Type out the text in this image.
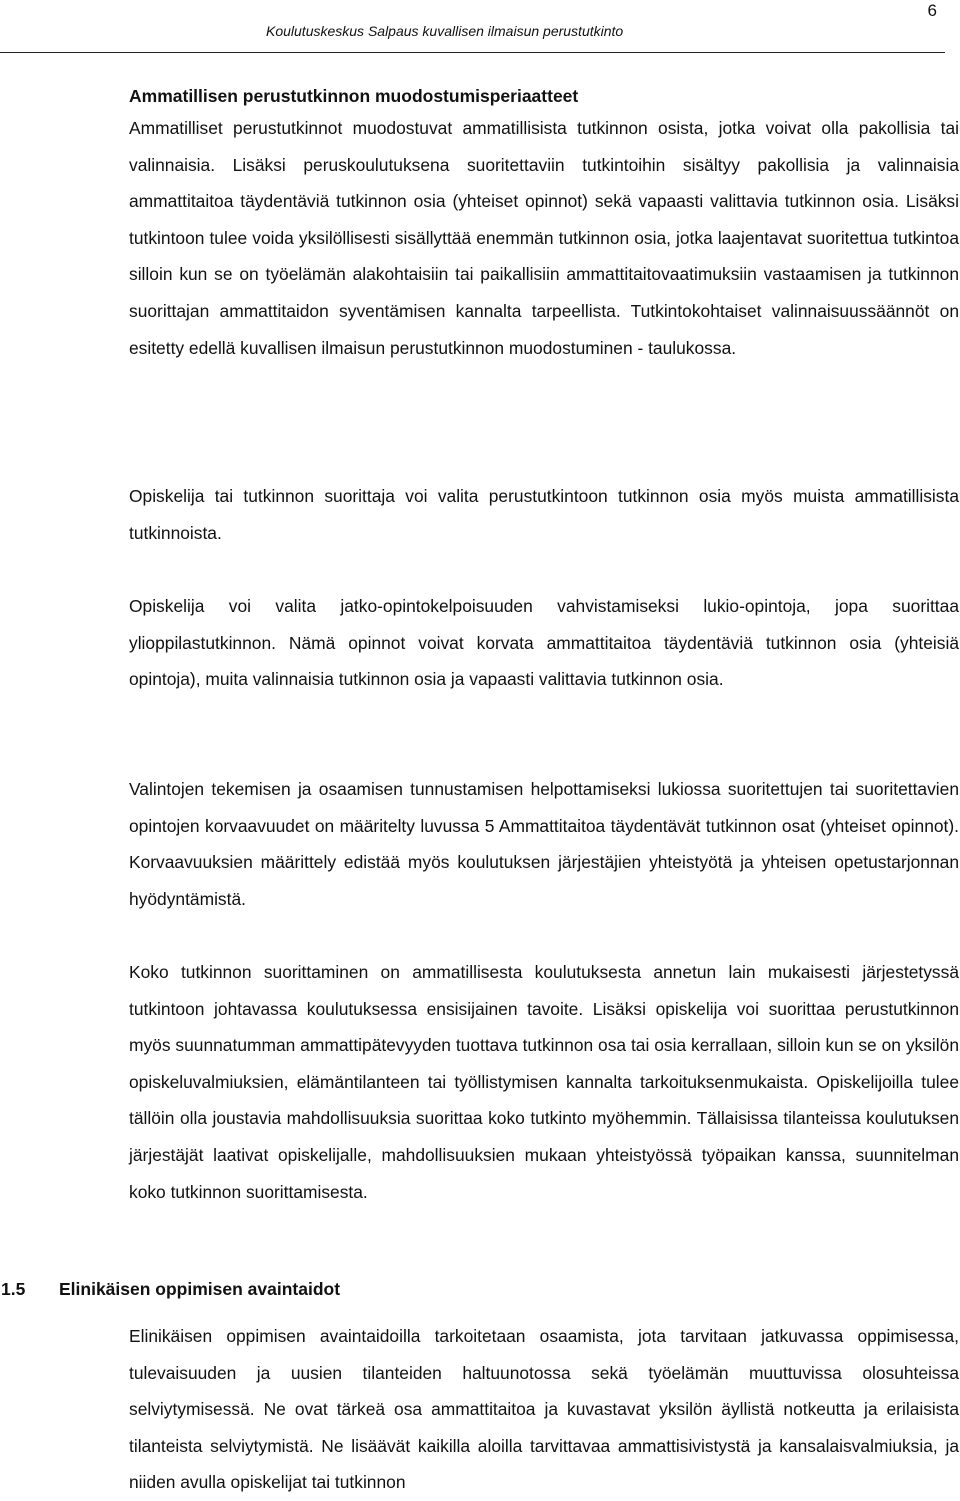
6
Koulutuskeskus Salpaus kuvallisen ilmaisun perustutkinto
Ammatillisen perustutkinnon muodostumisperiaatteet

Ammatilliset perustutkinnot muodostuvat ammatillisista tutkinnon osista, jotka voivat olla pakollisia tai valinnaisia. Lisäksi peruskoulutuksena suoritettaviin tutkintoihin sisältyy pakollisia ja valinnaisia ammattitaitoa täydentäviä tutkinnon osia (yhteiset opinnot) sekä vapaasti valittavia tutkinnon osia. Lisäksi tutkintoon tulee voida yksilöllisesti sisällyttää enemmän tutkinnon osia, jotka laajentavat suoritettua tutkintoa silloin kun se on työelämän alakohtaisiin tai paikallisiin ammattitaitovaatimuksiin vastaamisen ja tutkinnon suorittajan ammattitaidon syventämisen kannalta tarpeellista. Tutkintokohtaiset valinnaisuussäännöt on esitetty edellä kuvallisen ilmaisun perustutkinnon muodostuminen - taulukossa.

Opiskelija tai tutkinnon suorittaja voi valita perustutkintoon tutkinnon osia myös muista ammatillisista tutkinnoista.

Opiskelija voi valita jatko-opintokelpoisuuden vahvistamiseksi lukio-opintoja, jopa suorittaa ylioppilastutkinnon. Nämä opinnot voivat korvata ammattitaitoa täydentäviä tutkinnon osia (yhteisiä opintoja), muita valinnaisia tutkinnon osia ja vapaasti valittavia tutkinnon osia.

Valintojen tekemisen ja osaamisen tunnustamisen helpottamiseksi lukiossa suoritettujen tai suoritettavien opintojen korvaavuudet on määritelty luvussa 5 Ammattitaitoa täydentävät tutkinnon osat (yhteiset opinnot). Korvaavuuksien määrittely edistää myös koulutuksen järjestäjien yhteistyötä ja yhteisen opetustarjonnan hyödyntämistä.

Koko tutkinnon suorittaminen on ammatillisesta koulutuksesta annetun lain mukaisesti järjestetyssä tutkintoon johtavassa koulutuksessa ensisijainen tavoite. Lisäksi opiskelija voi suorittaa perustutkinnon myös suunnatumman ammattipätevyyden tuottava tutkinnon osa tai osia kerrallaan, silloin kun se on yksilön opiskeluvalmiuksien, elämäntilanteen tai työllistymisen kannalta tarkoituksenmukaista. Opiskelijoilla tulee tällöin olla joustavia mahdollisuuksia suorittaa koko tutkinto myöhemmin. Tällaisissa tilanteissa koulutuksen järjestäjät laativat opiskelijalle, mahdollisuuksien mukaan yhteistyössä työpaikan kanssa, suunnitelman koko tutkinnon suorittamisesta.

1.5 Elinikäisen oppimisen avaintaidot

Elinikäisen oppimisen avaintaidoilla tarkoitetaan osaamista, jota tarvitaan jatkuvassa oppimisessa, tulevaisuuden ja uusien tilanteiden haltuunotossa sekä työelämän muuttuvissa olosuhteissa selviytymisessä. Ne ovat tärkeä osa ammattitaitoa ja kuvastavat yksilön äyllistä notkeutta ja erilaisista tilanteista selviytymistä. Ne lisäävät kaikilla aloilla tarvittavaa ammattisivistystä ja kansalaisvalmiuksia, ja niiden avulla opiskelijat tai tutkinnon
